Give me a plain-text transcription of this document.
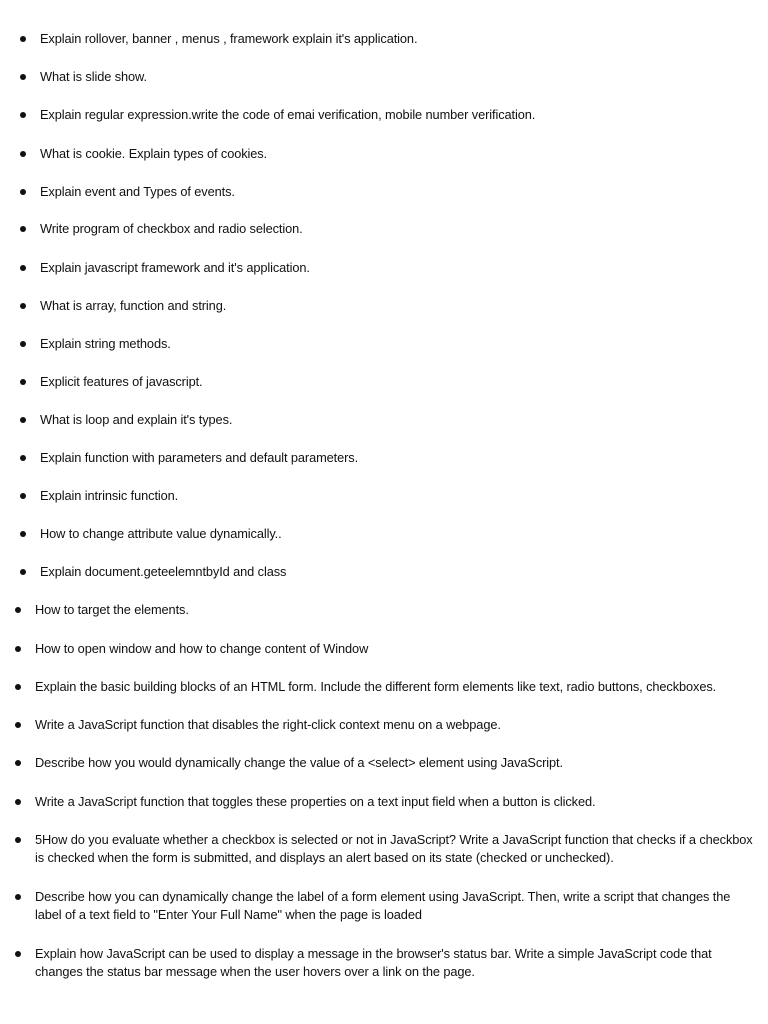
Explain rollover, banner , menus , framework explain it's application.
What is slide show.
Explain regular expression.write the code of emai verification, mobile number verification.
What is cookie. Explain types of cookies.
Explain event and Types of events.
Write program of checkbox and radio selection.
Explain javascript framework and it's application.
What is array, function and string.
Explain string methods.
Explicit features of javascript.
What is loop and explain it's types.
Explain function with parameters and default parameters.
Explain intrinsic function.
How to change attribute value dynamically..
Explain document.geteelemntbyId and class
How to target the elements.
How to open window and how to change content of Window
Explain the basic building blocks of an HTML form. Include the different form elements like text, radio buttons, checkboxes.
Write a JavaScript function that disables the right-click context menu on a webpage.
Describe how you would dynamically change the value of a <select> element using JavaScript.
Write a JavaScript function that toggles these properties on a text input field when a button is clicked.
5How do you evaluate whether a checkbox is selected or not in JavaScript? Write a JavaScript function that checks if a checkbox is checked when the form is submitted, and displays an alert based on its state (checked or unchecked).
Describe how you can dynamically change the label of a form element using JavaScript. Then, write a script that changes the label of a text field to "Enter Your Full Name" when the page is loaded
Explain how JavaScript can be used to display a message in the browser's status bar. Write a simple JavaScript code that changes the status bar message when the user hovers over a link on the page.
